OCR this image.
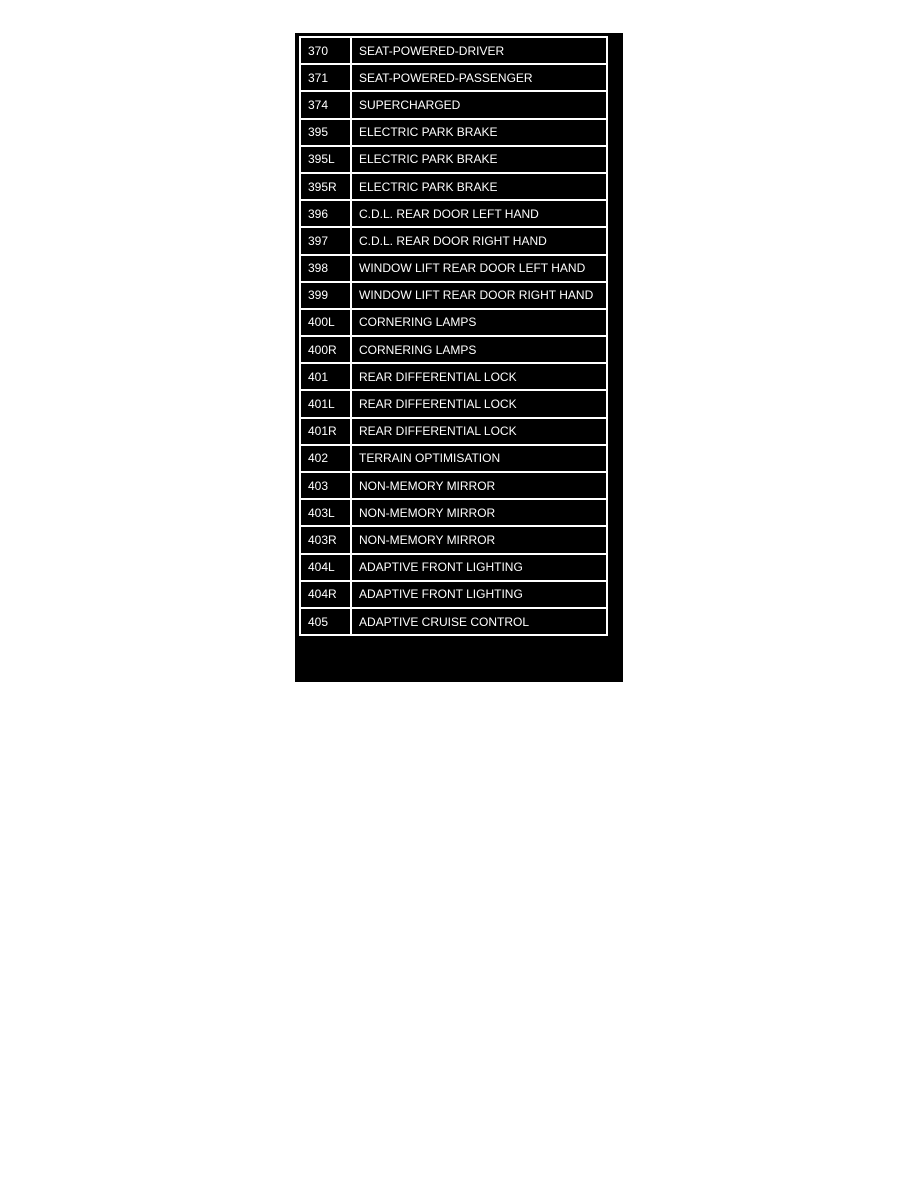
370	SEAT-POWERED-DRIVER
371	SEAT-POWERED-PASSENGER
374	SUPERCHARGED
395	ELECTRIC PARK BRAKE
395L	ELECTRIC PARK BRAKE
395R	ELECTRIC PARK BRAKE
396	C.D.L. REAR DOOR LEFT HAND
397	C.D.L. REAR DOOR RIGHT HAND
398	WINDOW LIFT REAR DOOR LEFT HAND
399	WINDOW LIFT REAR DOOR RIGHT HAND
400L	CORNERING LAMPS
400R	CORNERING LAMPS
401	REAR DIFFERENTIAL LOCK
401L	REAR DIFFERENTIAL LOCK
401R	REAR DIFFERENTIAL LOCK
402	TERRAIN OPTIMISATION
403	NON-MEMORY MIRROR
403L	NON-MEMORY MIRROR
403R	NON-MEMORY MIRROR
404L	ADAPTIVE FRONT LIGHTING
404R	ADAPTIVE FRONT LIGHTING
405	ADAPTIVE CRUISE CONTROL
